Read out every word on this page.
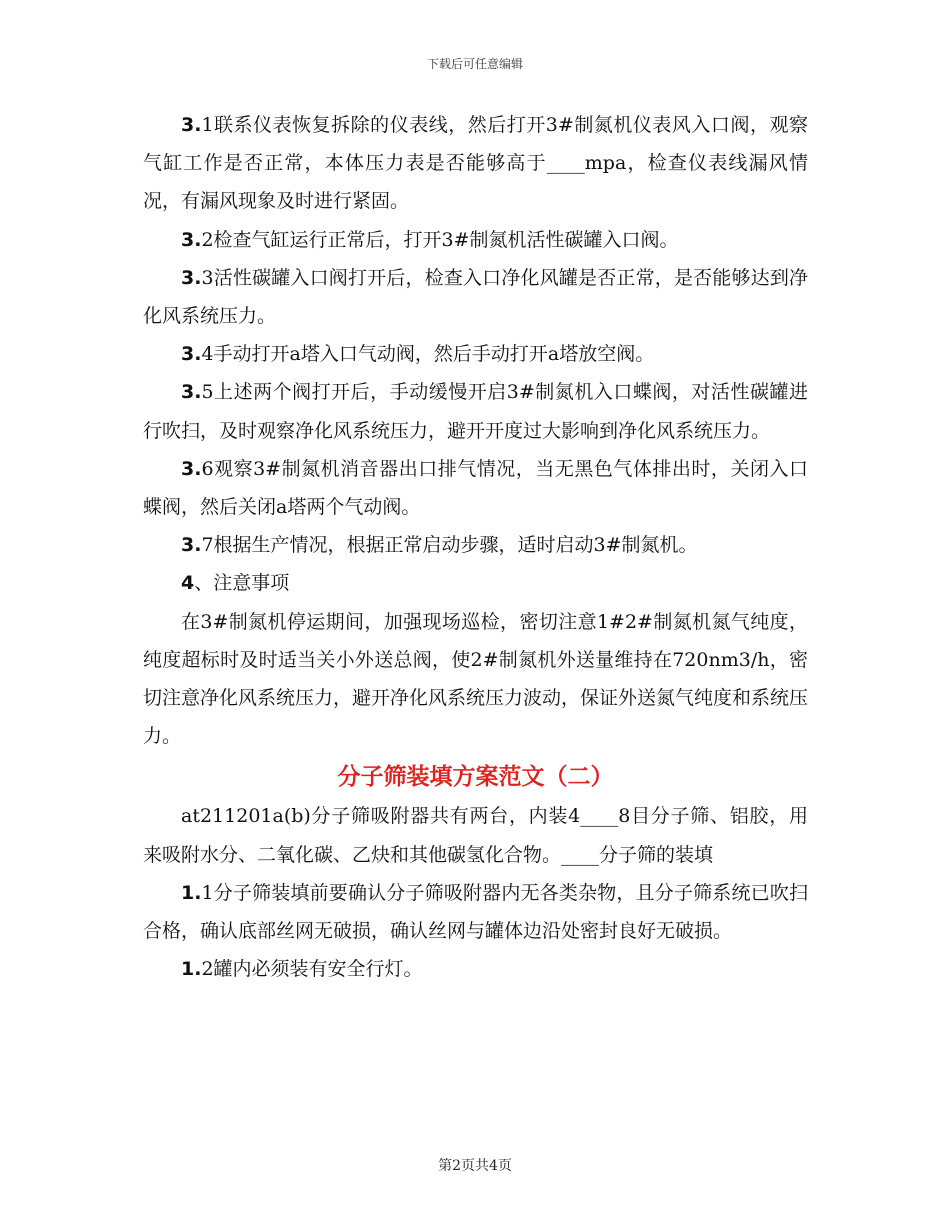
下载后可任意编辑

3.1联系仪表恢复拆除的仪表线，然后打开3#制氮机仪表风入口阀，观察气缸工作是否正常，本体压力表是否能够高于____mpa，检查仪表线漏风情况，有漏风现象及时进行紧固。

3.2检查气缸运行正常后，打开3#制氮机活性碳罐入口阀。

3.3活性碳罐入口阀打开后，检查入口净化风罐是否正常，是否能够达到净化风系统压力。

3.4手动打开a塔入口气动阀，然后手动打开a塔放空阀。

3.5上述两个阀打开后，手动缓慢开启3#制氮机入口蝶阀，对活性碳罐进行吹扫，及时观察净化风系统压力，避开开度过大影响到净化风系统压力。

3.6观察3#制氮机消音器出口排气情况，当无黑色气体排出时，关闭入口蝶阀，然后关闭a塔两个气动阀。

3.7根据生产情况，根据正常启动步骤，适时启动3#制氮机。

4、注意事项

在3#制氮机停运期间，加强现场巡检，密切注意1#2#制氮机氮气纯度，纯度超标时及时适当关小外送总阀，使2#制氮机外送量维持在720nm3/h，密切注意净化风系统压力，避开净化风系统压力波动，保证外送氮气纯度和系统压力。

分子筛装填方案范文（二）

at211201a(b)分子筛吸附器共有两台，内装4____8目分子筛、铝胶，用来吸附水分、二氧化碳、乙炔和其他碳氢化合物。____分子筛的装填

1.1分子筛装填前要确认分子筛吸附器内无各类杂物，且分子筛系统已吹扫合格，确认底部丝网无破损，确认丝网与罐体边沿处密封良好无破损。

1.2罐内必须装有安全行灯。

第2页共4页
